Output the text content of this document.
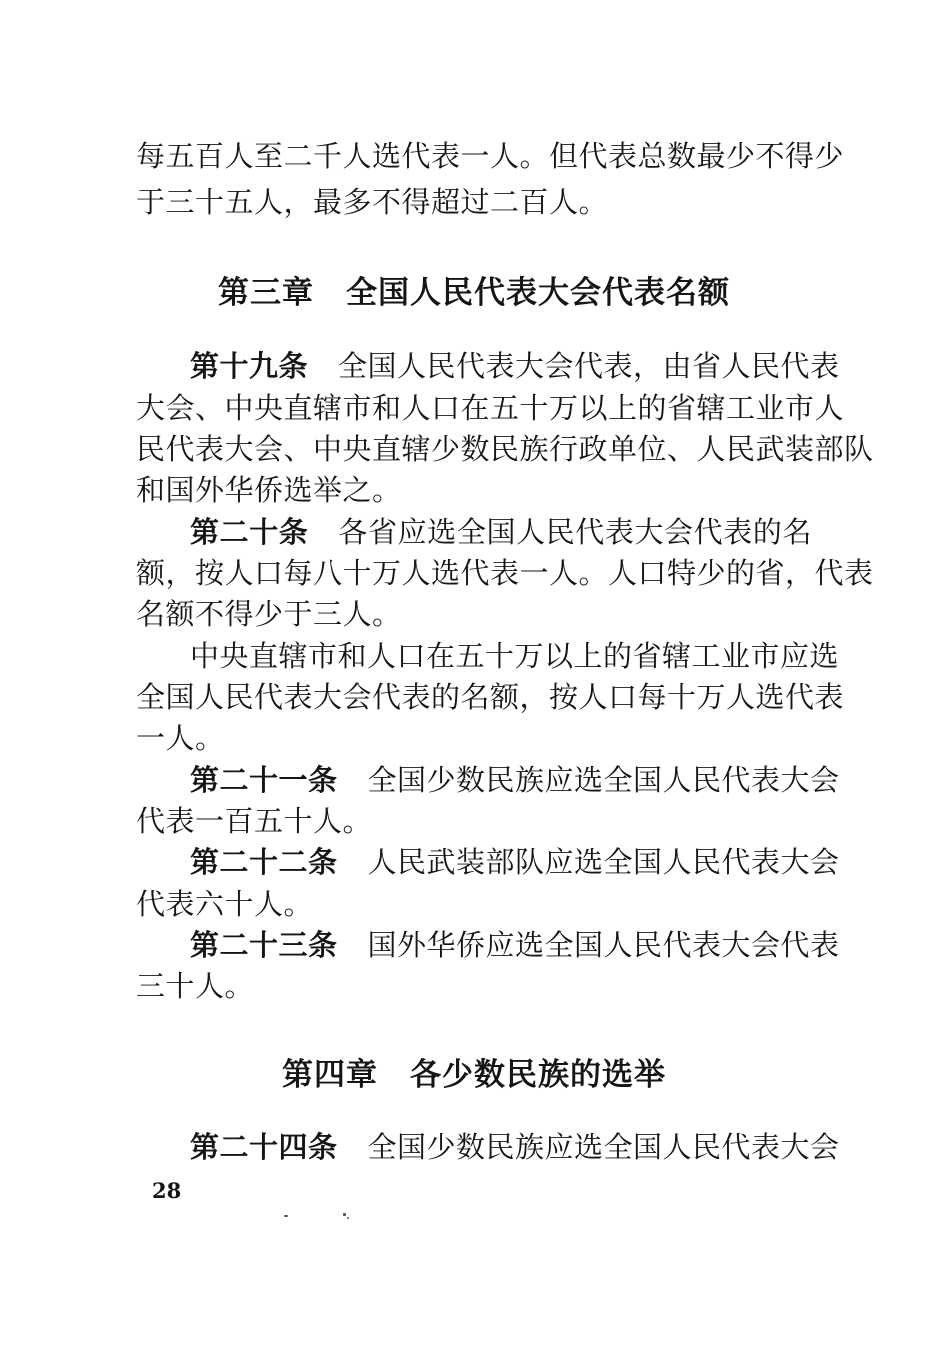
每五百人至二千人选代表一人。但代表总数最少不得少
于三十五人，最多不得超过二百人。
第三章　全国人民代表大会代表名额
第十九条 全国人民代表大会代表，由省人民代表
大会、中央直辖市和人口在五十万以上的省辖工业市人
民代表大会、中央直辖少数民族行政单位、人民武装部队
和国外华侨选举之。
第二十条 各省应选全国人民代表大会代表的名
额，按人口每八十万人选代表一人。人口特少的省，代表
名额不得少于三人。
中央直辖市和人口在五十万以上的省辖工业市应选
全国人民代表大会代表的名额，按人口每十万人选代表
一人。
第二十一条 全国少数民族应选全国人民代表大会
代表一百五十人。
第二十二条 人民武装部队应选全国人民代表大会
代表六十人。
第二十三条 国外华侨应选全国人民代表大会代表
三十人。
第四章　各少数民族的选举
第二十四条 全国少数民族应选全国人民代表大会
28
